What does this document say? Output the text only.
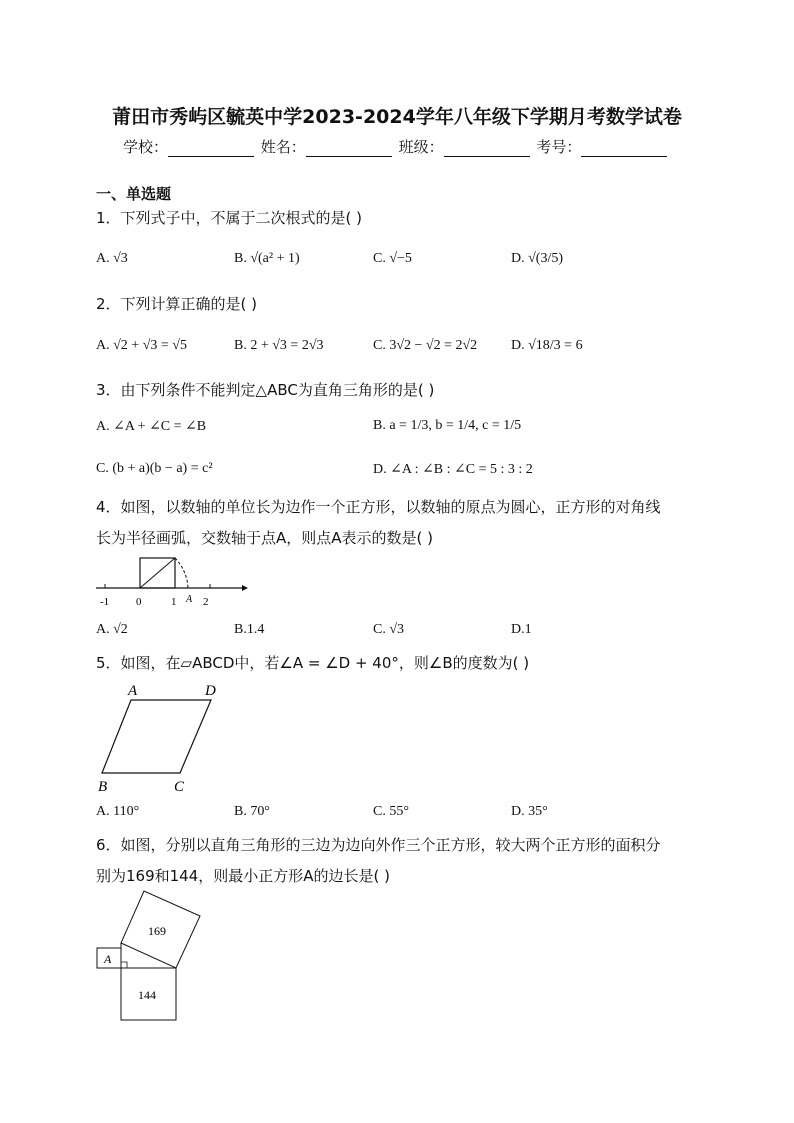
莆田市秀屿区毓英中学2023-2024学年八年级下学期月考数学试卷
学校：	姓名：	班级：	考号：
一、单选题
1．下列式子中，不属于二次根式的是( )
A. √3	B. √(a² + 1)	C. √−5	D. √(3/5)
2．下列计算正确的是( )
A. √2 + √3 = √5	B. 2 + √3 = 2√3	C. 3√2 − √2 = 2√2 D. √18/3 = 6
3．由下列条件不能判定△ABC为直角三角形的是( )
A. ∠A + ∠C = ∠B	B. a = 1/3, b = 1/4, c = 1/5
C. (b + a)(b − a) = c²	D. ∠A : ∠B : ∠C = 5 : 3 : 2
4．如图，以数轴的单位长为边作一个正方形，以数轴的原点为圆心，正方形的对角线
长为半径画弧，交数轴于点A，则点A表示的数是( )
-1 0	1 A 2
A. √2	B.1.4	C. √3	D.1
5．如图，在▱ABCD中，若∠A = ∠D + 40°，则∠B的度数为( )
A	D
B	C
A. 110°	B. 70°	C. 55°	D. 35°
6．如图，分别以直角三角形的三边为边向外作三个正方形，较大两个正方形的面积分
别为169和144，则最小正方形A的边长是( )
169
144
A
